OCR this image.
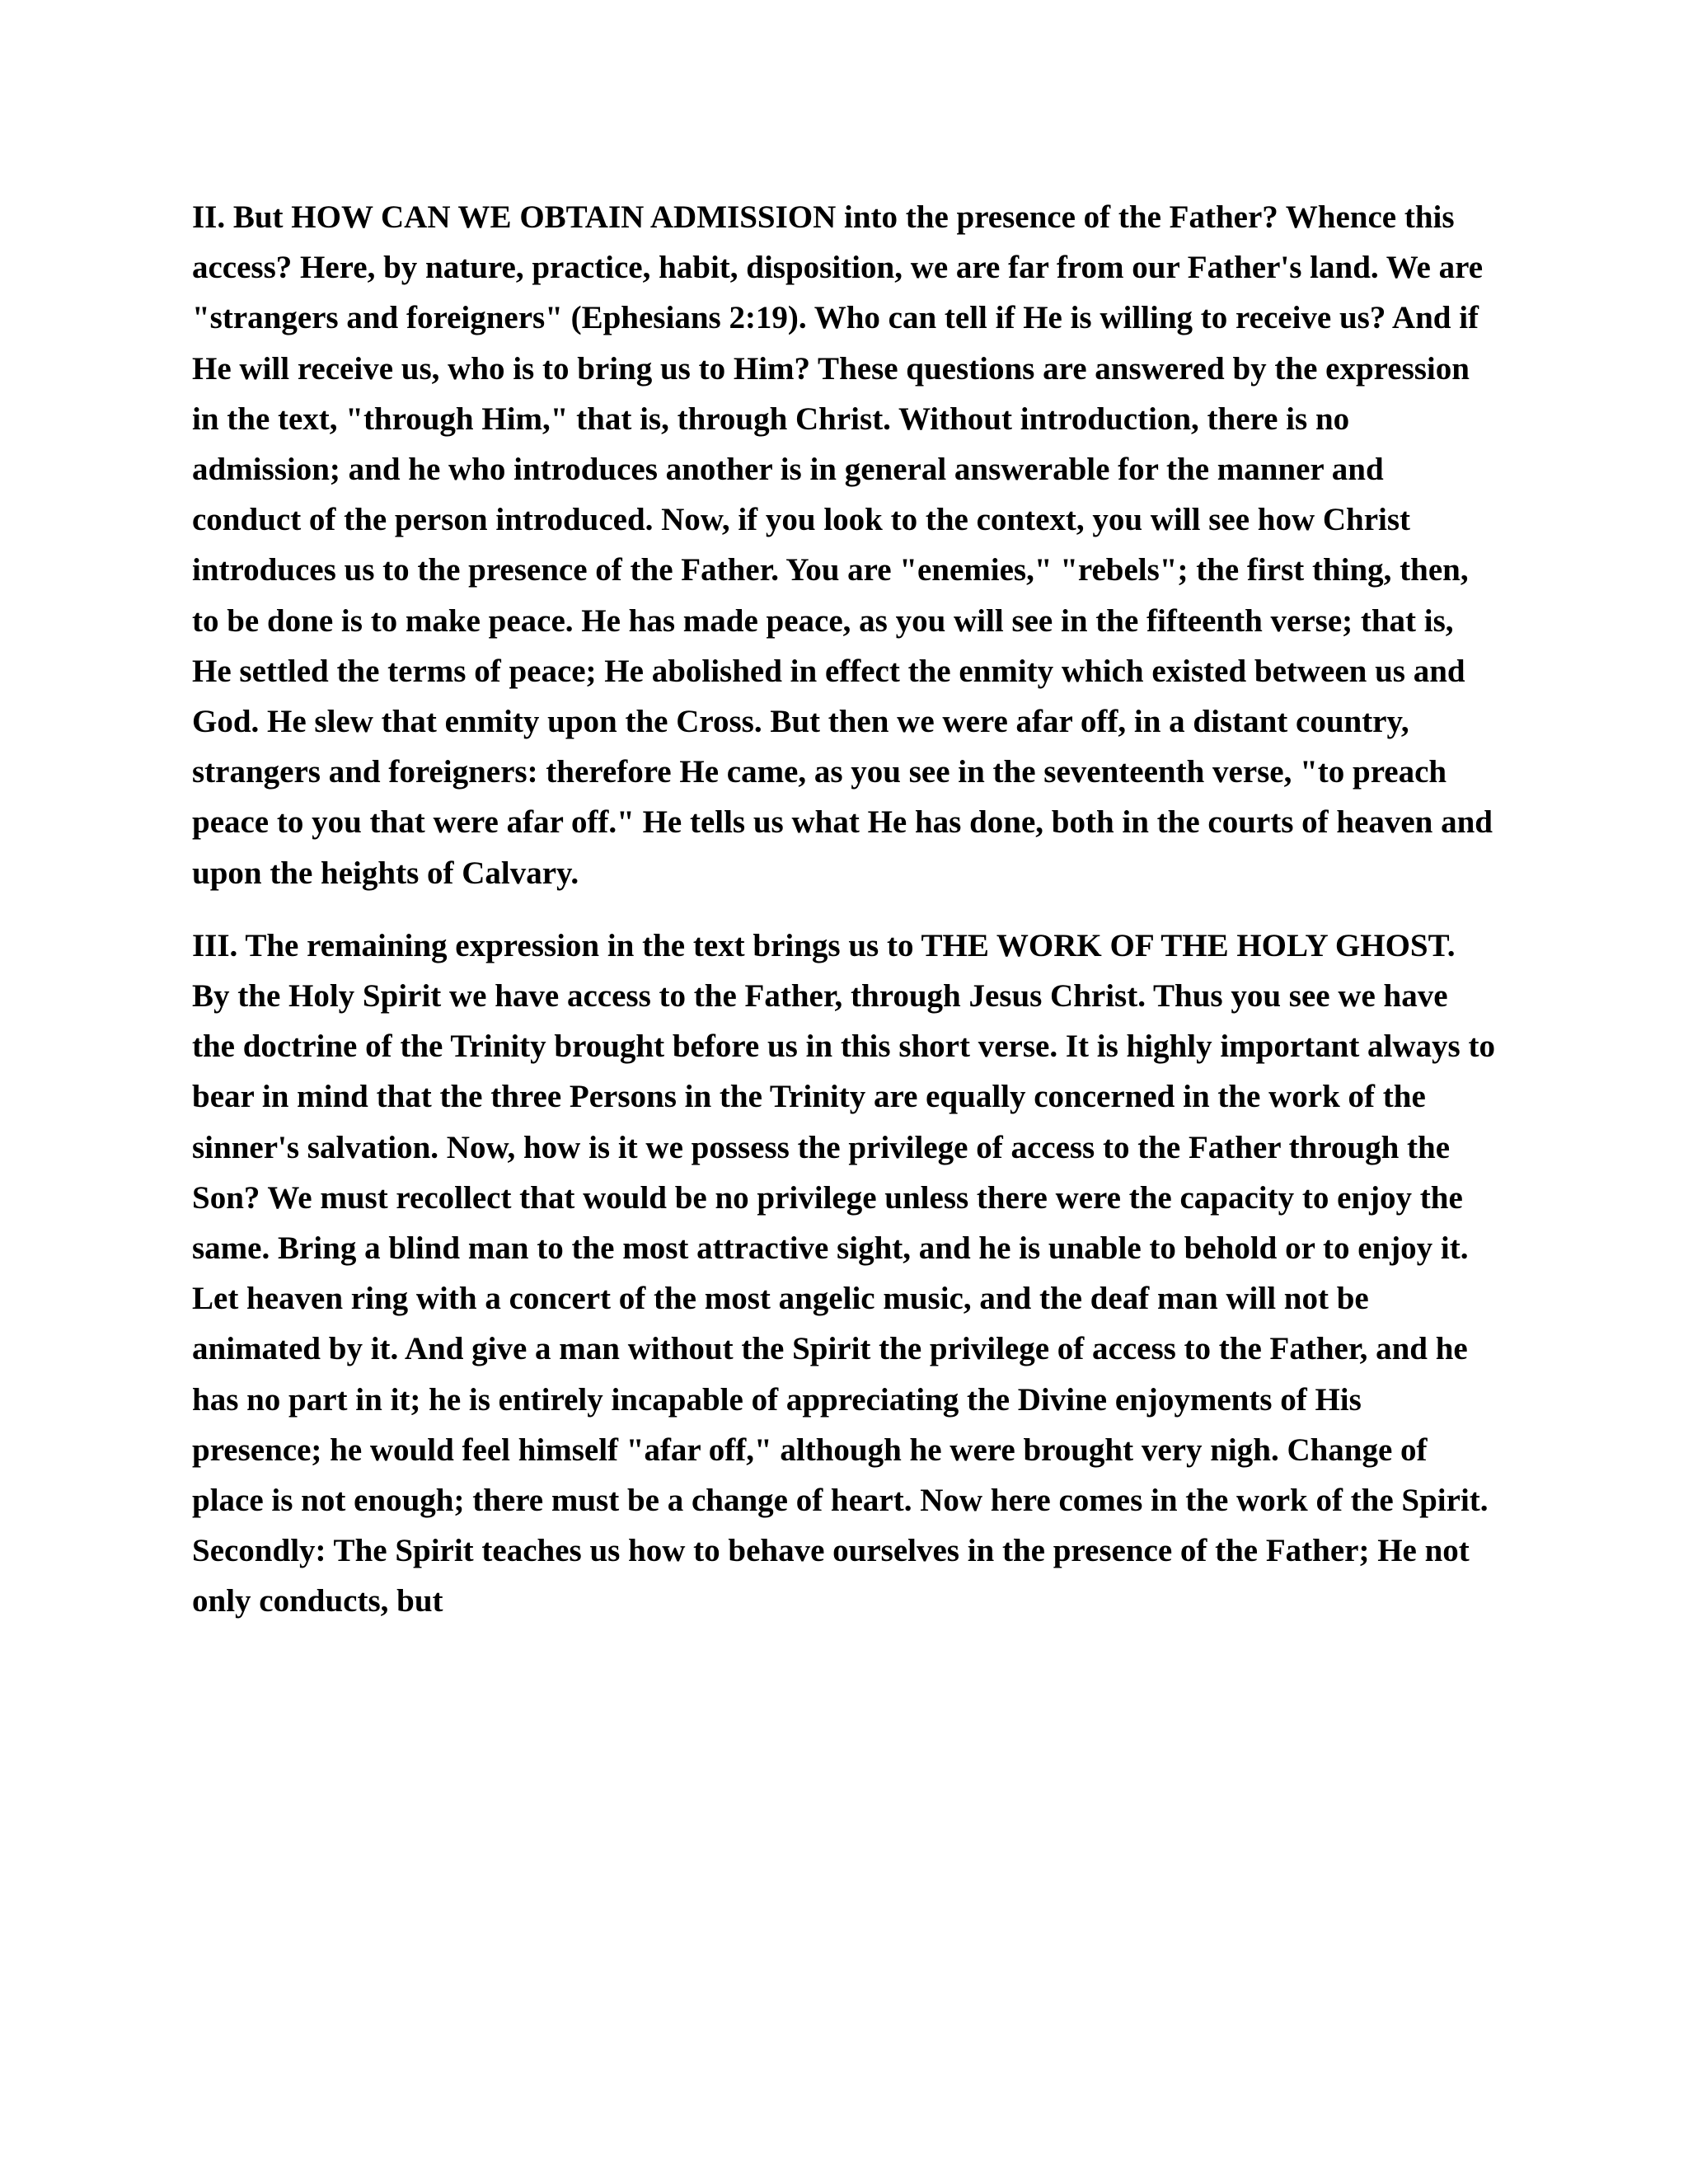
II. But HOW CAN WE OBTAIN ADMISSION into the presence of the Father? Whence this access? Here, by nature, practice, habit, disposition, we are far from our Father's land. We are "strangers and foreigners" (Ephesians 2:19). Who can tell if He is willing to receive us? And if He will receive us, who is to bring us to Him? These questions are answered by the expression in the text, "through Him," that is, through Christ. Without introduction, there is no admission; and he who introduces another is in general answerable for the manner and conduct of the person introduced. Now, if you look to the context, you will see how Christ introduces us to the presence of the Father. You are "enemies," "rebels"; the first thing, then, to be done is to make peace. He has made peace, as you will see in the fifteenth verse; that is, He settled the terms of peace; He abolished in effect the enmity which existed between us and God. He slew that enmity upon the Cross. But then we were afar off, in a distant country, strangers and foreigners: therefore He came, as you see in the seventeenth verse, "to preach peace to you that were afar off." He tells us what He has done, both in the courts of heaven and upon the heights of Calvary.

III. The remaining expression in the text brings us to THE WORK OF THE HOLY GHOST. By the Holy Spirit we have access to the Father, through Jesus Christ. Thus you see we have the doctrine of the Trinity brought before us in this short verse. It is highly important always to bear in mind that the three Persons in the Trinity are equally concerned in the work of the sinner's salvation. Now, how is it we possess the privilege of access to the Father through the Son? We must recollect that would be no privilege unless there were the capacity to enjoy the same. Bring a blind man to the most attractive sight, and he is unable to behold or to enjoy it. Let heaven ring with a concert of the most angelic music, and the deaf man will not be animated by it. And give a man without the Spirit the privilege of access to the Father, and he has no part in it; he is entirely incapable of appreciating the Divine enjoyments of His presence; he would feel himself "afar off," although he were brought very nigh. Change of place is not enough; there must be a change of heart. Now here comes in the work of the Spirit. Secondly: The Spirit teaches us how to behave ourselves in the presence of the Father; He not only conducts, but
